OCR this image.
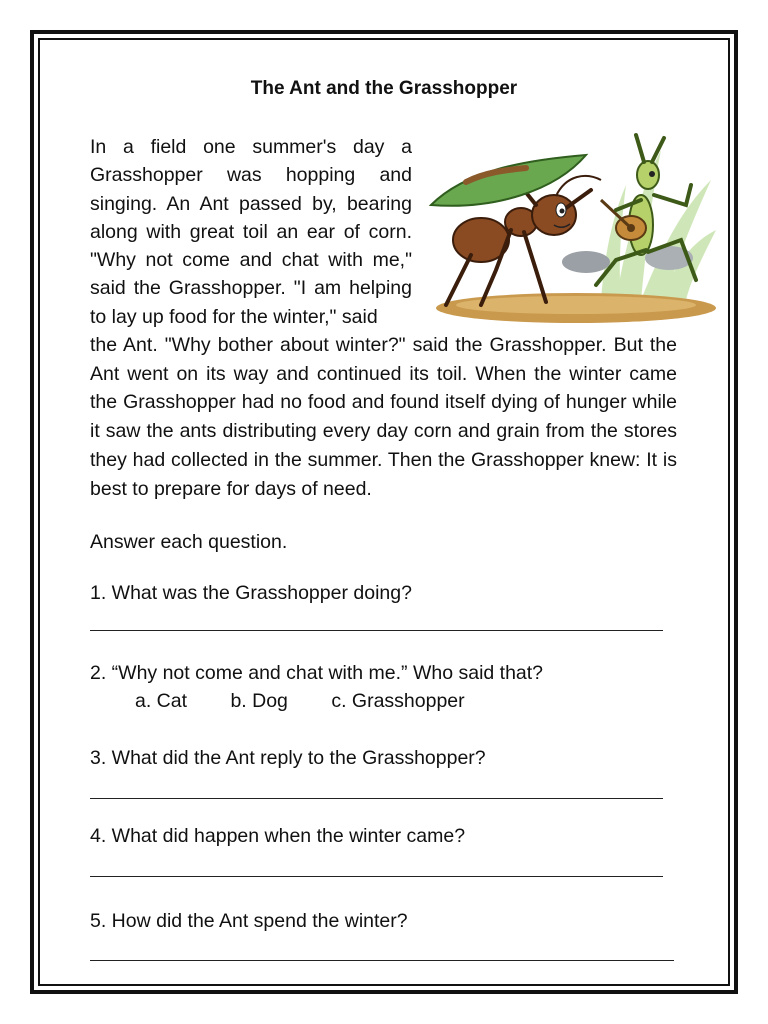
The Ant and the Grasshopper
In a field one summer's day a Grasshopper was hopping and singing. An Ant passed by, bearing along with great toil an ear of corn. "Why not come and chat with me," said the Grasshopper. "I am helping to lay up food for the winter," said
the Ant. "Why bother about winter?" said the Grasshopper. But the Ant went on its way and continued its toil. When the winter came the Grasshopper had no food and found itself dying of hunger while it saw the ants distributing every day corn and grain from the stores they had collected in the summer. Then the Grasshopper knew: It is best to prepare for days of need.
Answer each question.
1. What was the Grasshopper doing?
2. “Why not come and chat with me.” Who said that?
a. Cat b. Dog c. Grasshopper
3. What did the Ant reply to the Grasshopper?
4. What did happen when the winter came?
5. How did the Ant spend the winter?
